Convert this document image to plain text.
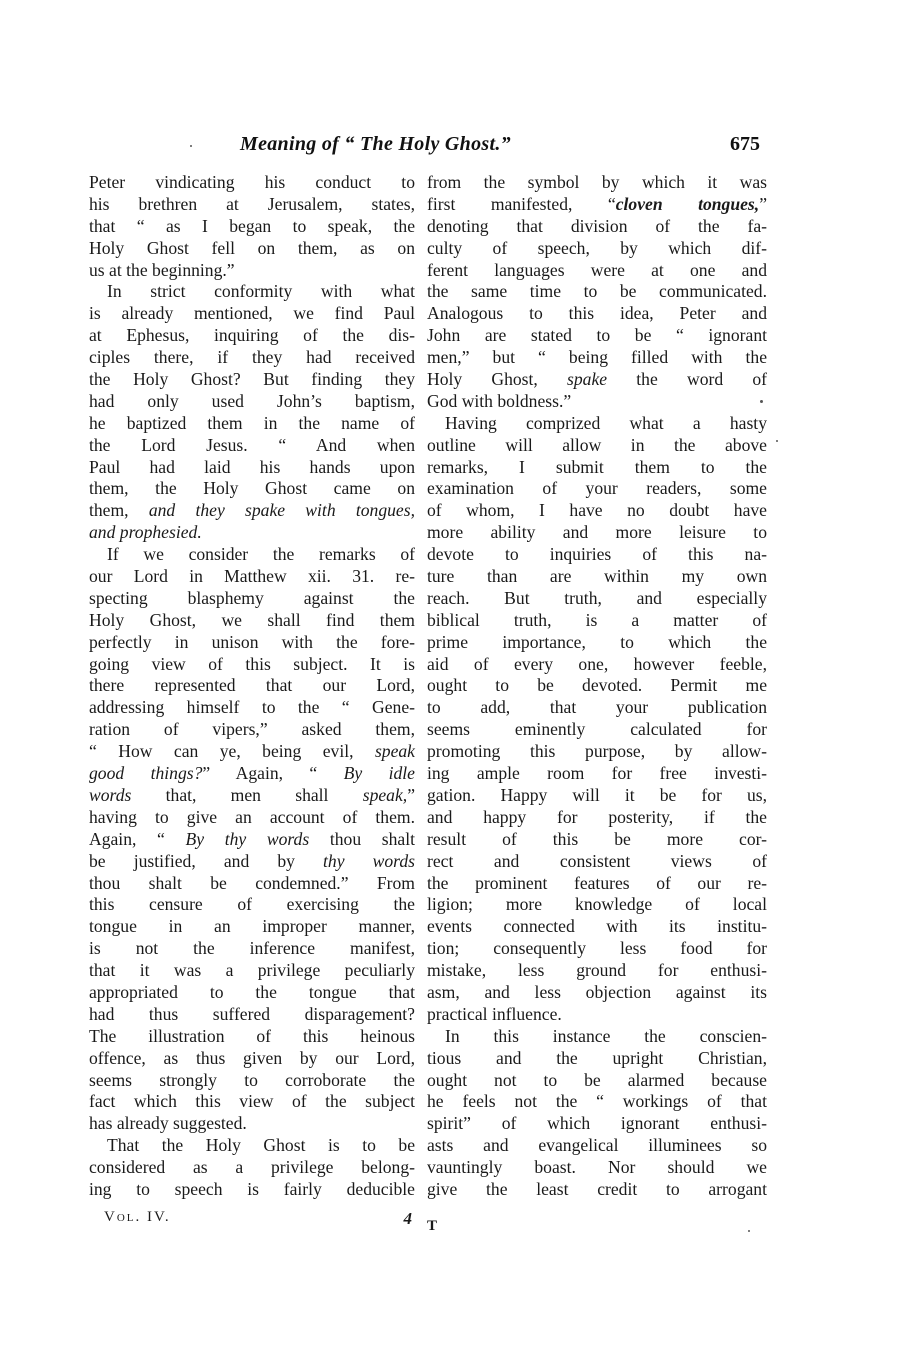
Meaning of “ The Holy Ghost.”	675
Peter vindicating his conduct to
his brethren at Jerusalem, states,
that “ as I began to speak, the
Holy Ghost fell on them, as on
us at the beginning.”
In strict conformity with what
is already mentioned, we find Paul
at Ephesus, inquiring of the dis-
ciples there, if they had received
the Holy Ghost? But finding they
had only used John’s baptism,
he baptized them in the name of
the Lord Jesus. “ And when
Paul had laid his hands upon
them, the Holy Ghost came on
them, and they spake with tongues,
and prophesied.
If we consider the remarks of
our Lord in Matthew xii. 31. re-
specting blasphemy against the
Holy Ghost, we shall find them
perfectly in unison with the fore-
going view of this subject. It is
there represented that our Lord,
addressing himself to the “ Gene-
ration of vipers,” asked them,
“ How can ye, being evil, speak
good things?” Again, “ By idle
words that, men shall speak,”
having to give an account of them.
Again, “ By thy words thou shalt
be justified, and by thy words
thou shalt be condemned.” From
this censure of exercising the
tongue in an improper manner,
is not the inference manifest,
that it was a privilege peculiarly
appropriated to the tongue that
had thus suffered disparagement?
The illustration of this heinous
offence, as thus given by our Lord,
seems strongly to corroborate the
fact which this view of the subject
has already suggested.
That the Holy Ghost is to be
considered as a privilege belong-
ing to speech is fairly deducible
from the symbol by which it was
first manifested, “cloven tongues,”
denoting that division of the fa-
culty of speech, by which dif-
ferent languages were at one and
the same time to be communicated.
Analogous to this idea, Peter and
John are stated to be “ ignorant
men,” but “ being filled with the
Holy Ghost, spake the word of
God with boldness.”
Having comprized what a hasty
outline will allow in the above
remarks, I submit them to the
examination of your readers, some
of whom, I have no doubt have
more ability and more leisure to
devote to inquiries of this na-
ture than are within my own
reach. But truth, and especially
biblical truth, is a matter of
prime importance, to which the
aid of every one, however feeble,
ought to be devoted. Permit me
to add, that your publication
seems eminently calculated for
promoting this purpose, by allow-
ing ample room for free investi-
gation. Happy will it be for us,
and happy for posterity, if the
result of this be more cor-
rect and consistent views of
the prominent features of our re-
ligion; more knowledge of local
events connected with its institu-
tion; consequently less food for
mistake, less ground for enthusi-
asm, and less objection against its
practical influence.
In this instance the conscien-
tious and the upright Christian,
ought not to be alarmed because
he feels not the “ workings of that
spirit” of which ignorant enthusi-
asts and evangelical illuminees so
vauntingly boast. Nor should we
give the least credit to arrogant
Vol. IV.	4 T
